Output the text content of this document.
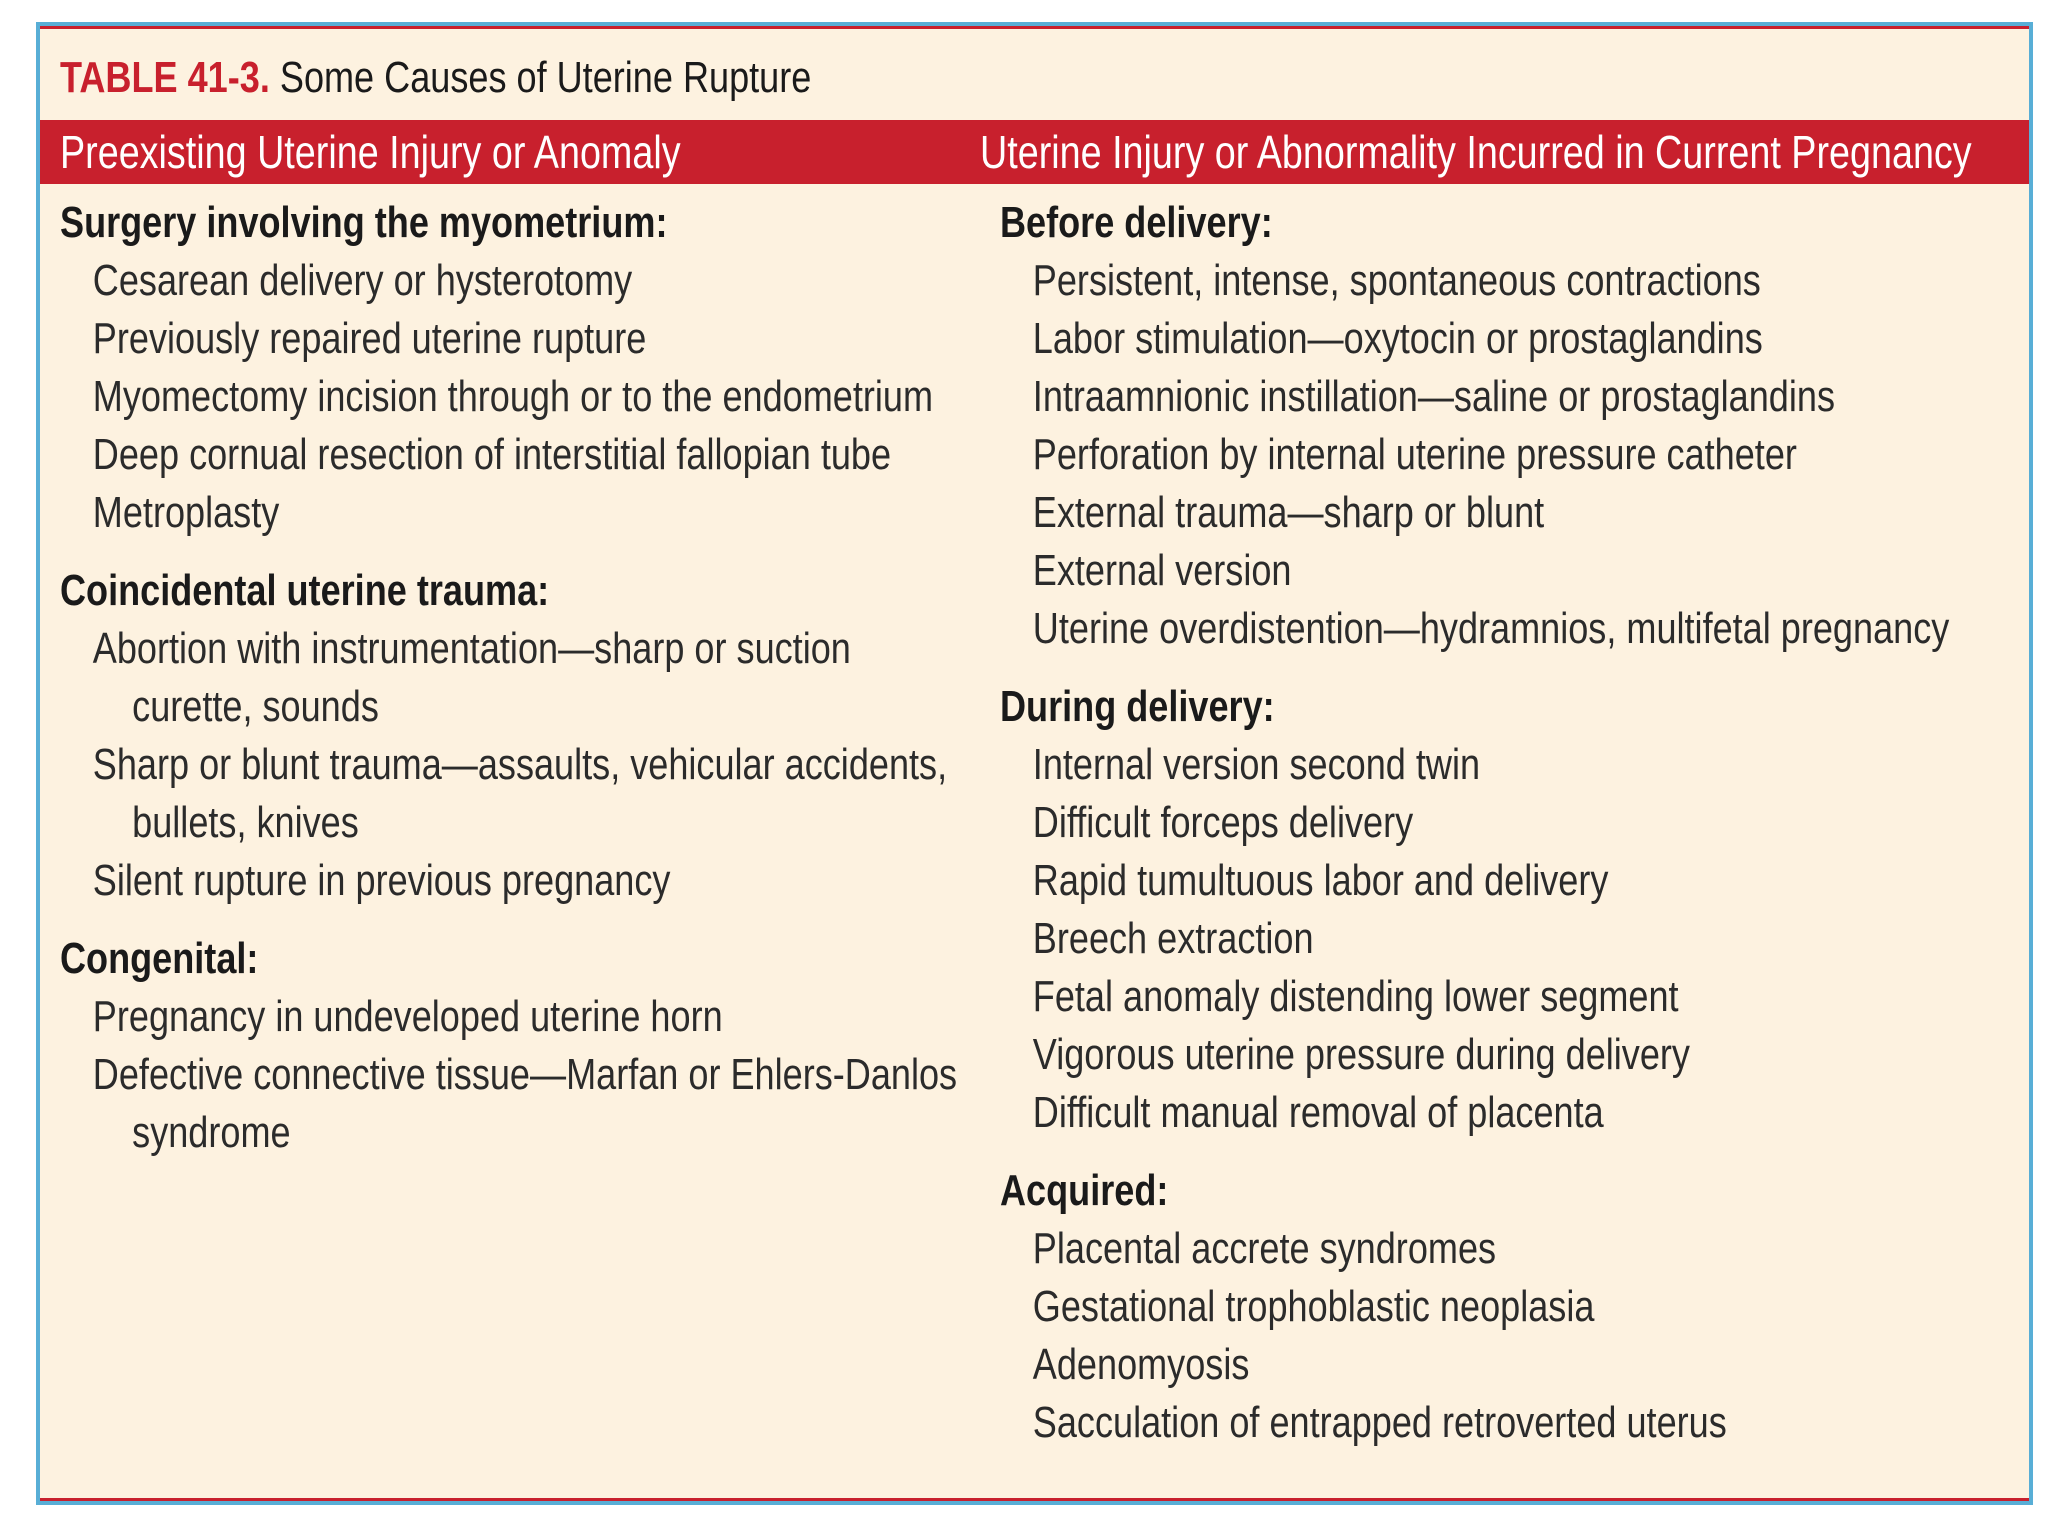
TABLE 41-3. Some Causes of Uterine Rupture
Preexisting Uterine Injury or Anomaly	Uterine Injury or Abnormality Incurred in Current Pregnancy
Surgery involving the myometrium:
Cesarean delivery or hysterotomy
Previously repaired uterine rupture
Myomectomy incision through or to the endometrium
Deep cornual resection of interstitial fallopian tube
Metroplasty
Coincidental uterine trauma:
Abortion with instrumentation—sharp or suction
curette, sounds
Sharp or blunt trauma—assaults, vehicular accidents,
bullets, knives
Silent rupture in previous pregnancy
Congenital:
Pregnancy in undeveloped uterine horn
Defective connective tissue—Marfan or Ehlers-Danlos
syndrome
Before delivery:
Persistent, intense, spontaneous contractions
Labor stimulation—oxytocin or prostaglandins
Intraamnionic instillation—saline or prostaglandins
Perforation by internal uterine pressure catheter
External trauma—sharp or blunt
External version
Uterine overdistention—hydramnios, multifetal pregnancy
During delivery:
Internal version second twin
Difficult forceps delivery
Rapid tumultuous labor and delivery
Breech extraction
Fetal anomaly distending lower segment
Vigorous uterine pressure during delivery
Difficult manual removal of placenta
Acquired:
Placental accrete syndromes
Gestational trophoblastic neoplasia
Adenomyosis
Sacculation of entrapped retroverted uterus
